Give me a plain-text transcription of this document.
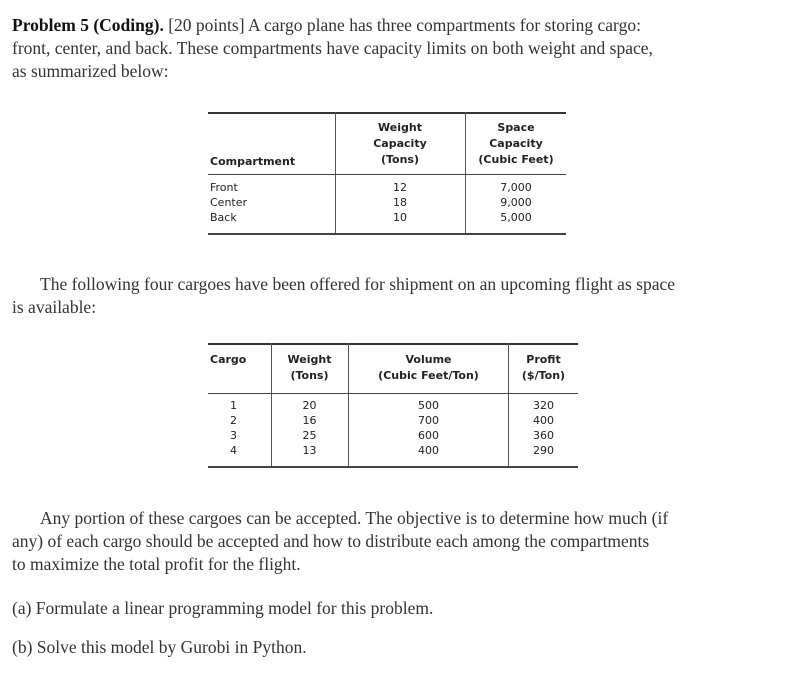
Problem 5 (Coding). [20 points] A cargo plane has three compartments for storing cargo:
front, center, and back. These compartments have capacity limits on both weight and space,
as summarized below:
Compartment
Weight
Capacity
(Tons)
Space
Capacity
(Cubic Feet)
Front
Center
Back
12
18
10
7,000
9,000
5,000
The following four cargoes have been offered for shipment on an upcoming flight as space
is available:
Cargo	Weight
(Tons)
Volume
(Cubic Feet/Ton)
Profit
($/Ton)
1
2
3
4
20
16
25
13
500
700
600
400
320
400
360
290
Any portion of these cargoes can be accepted. The objective is to determine how much (if
any) of each cargo should be accepted and how to distribute each among the compartments
to maximize the total profit for the flight.
(a) Formulate a linear programming model for this problem.
(b) Solve this model by Gurobi in Python.
